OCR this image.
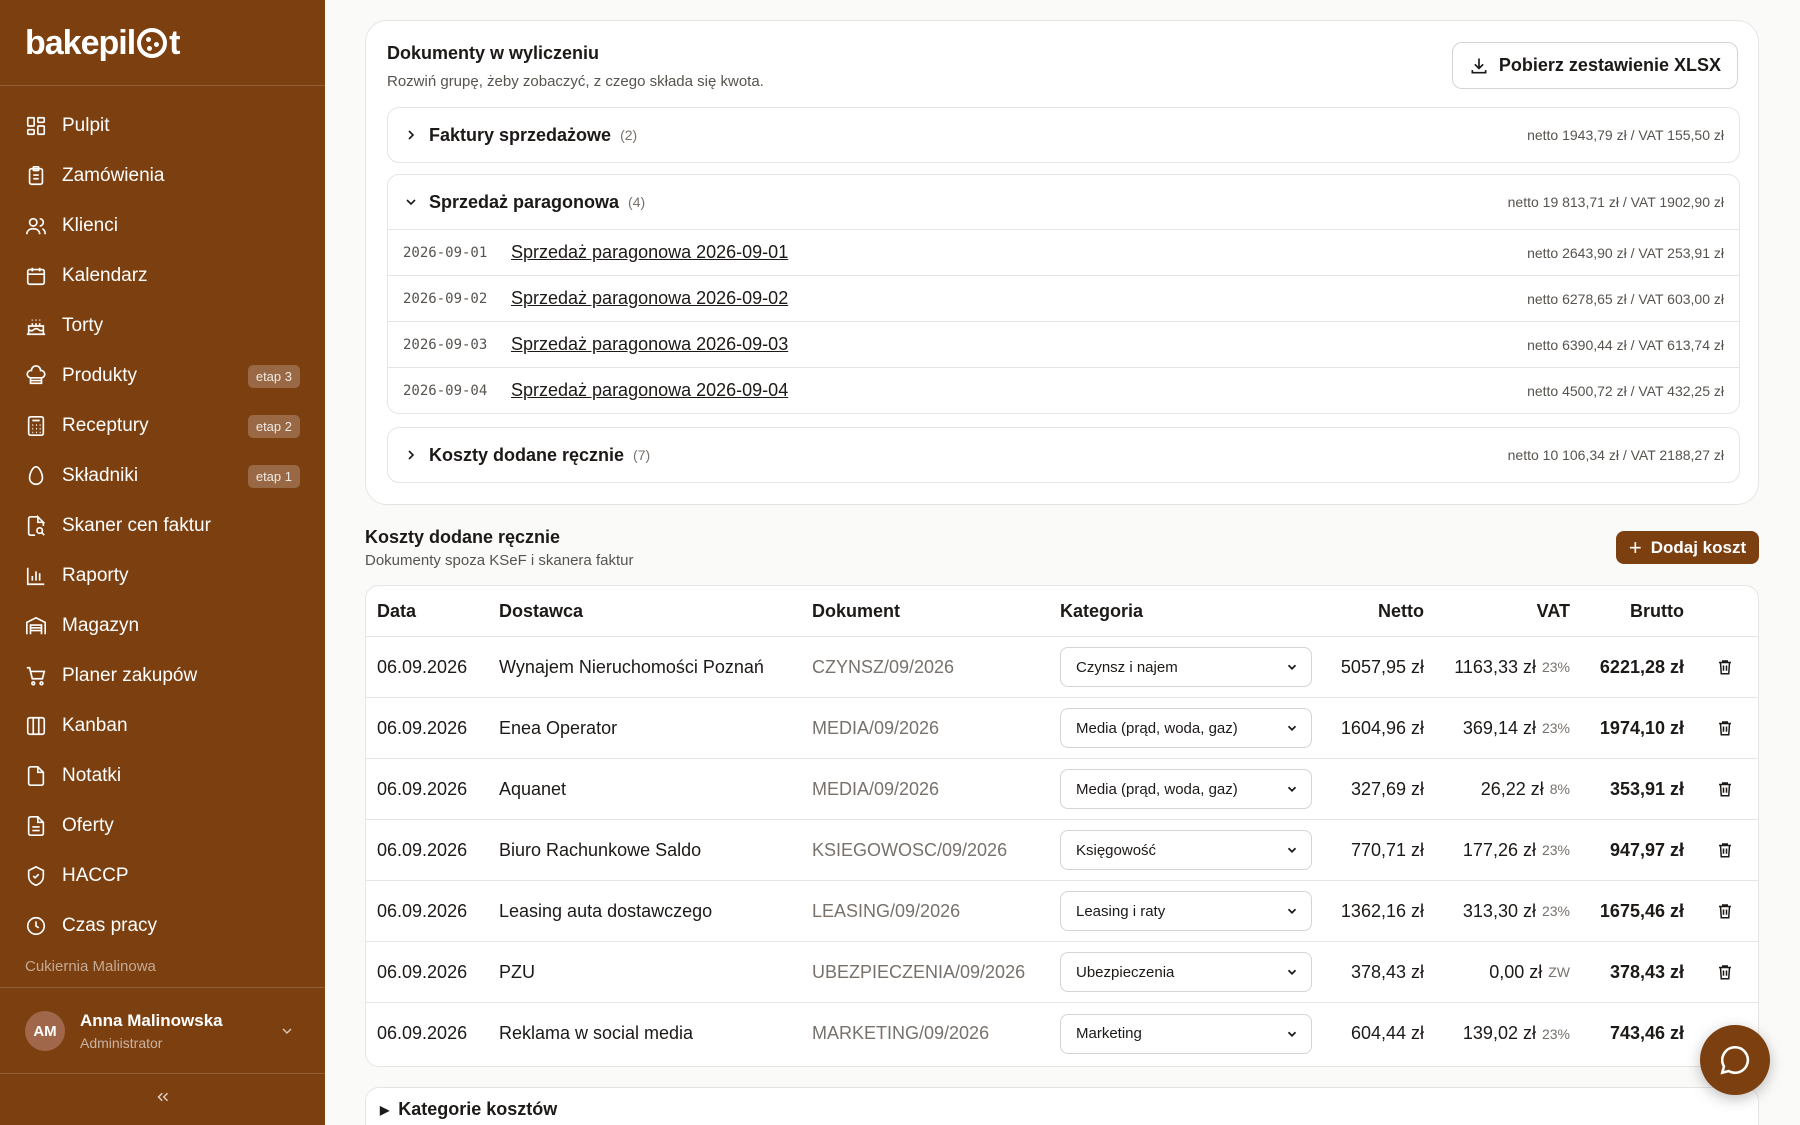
bakepil t
Pulpit
Zamówienia
Klienci
Kalendarz
Torty
Produkty	etap 3
Receptury	etap 2
Składniki	etap 1
Skaner cen faktur
Raporty
Magazyn
Planer zakupów
Kanban
Notatki
Oferty
HACCP
Czas pracy
Cukiernia Malinowa
AM
Anna Malinowska
Administrator
Dokumenty w wyliczeniu
Rozwiń grupę, żeby zobaczyć, z czego składa się kwota.
Pobierz zestawienie XLSX
Faktury sprzedażowe (2)	netto 1943,79 zł / VAT 155,50 zł
Sprzedaż paragonowa (4)	netto 19 813,71 zł / VAT 1902,90 zł
2026-09-01	Sprzedaż paragonowa 2026-09-01	netto 2643,90 zł / VAT 253,91 zł
2026-09-02	Sprzedaż paragonowa 2026-09-02	netto 6278,65 zł / VAT 603,00 zł
2026-09-03	Sprzedaż paragonowa 2026-09-03	netto 6390,44 zł / VAT 613,74 zł
2026-09-04	Sprzedaż paragonowa 2026-09-04	netto 4500,72 zł / VAT 432,25 zł
Koszty dodane ręcznie (7)	netto 10 106,34 zł / VAT 2188,27 zł
Koszty dodane ręcznie
Dokumenty spoza KSeF i skanera faktur
+ Dodaj koszt
Data	Dostawca	Dokument	Kategoria	Netto	VAT	Brutto
06.09.2026 Wynajem Nieruchomości Poznań	CZYNSZ/09/2026	Czynsz i najem	5057,95 zł 1163,33 zł 23% 6221,28 zł
06.09.2026 Enea Operator	MEDIA/09/2026	Media (prąd, woda, gaz)	1604,96 zł 369,14 zł 23% 1974,10 zł
06.09.2026 Aquanet	MEDIA/09/2026	Media (prąd, woda, gaz)	327,69 zł	26,22 zł 8% 353,91 zł
06.09.2026 Biuro Rachunkowe Saldo	KSIEGOWOSC/09/2026	Księgowość	770,71 zł 177,26 zł 23% 947,97 zł
06.09.2026 Leasing auta dostawczego	LEASING/09/2026	Leasing i raty	1362,16 zł 313,30 zł 23% 1675,46 zł
06.09.2026 PZU	UBEZPIECZENIA/09/2026	Ubezpieczenia	378,43 zł	0,00 zł ZW 378,43 zł
06.09.2026 Reklama w social media	MARKETING/09/2026	Marketing	604,44 zł 139,02 zł 23% 743,46 zł
▶ Kategorie kosztów
